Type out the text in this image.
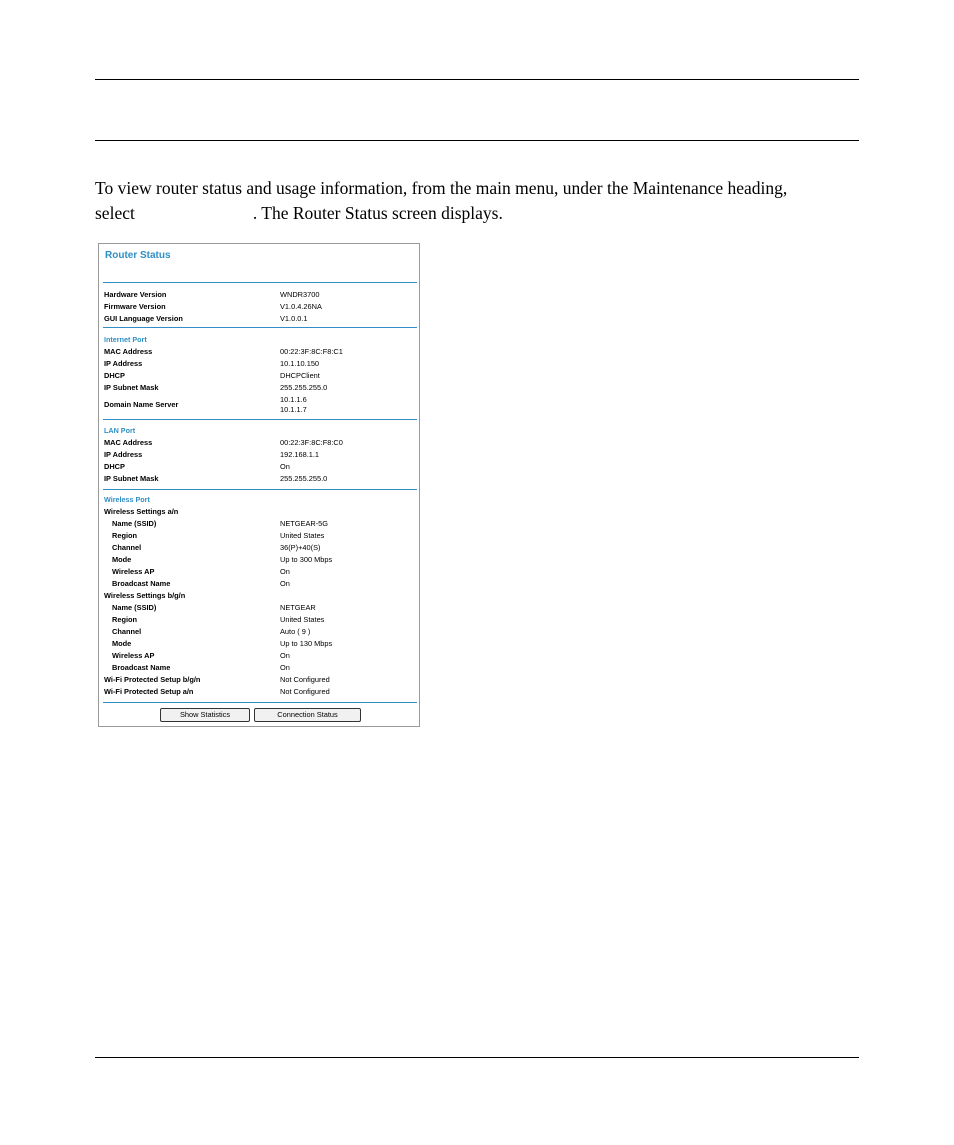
To view router status and usage information, from the main menu, under the Maintenance heading,
select	. The Router Status screen displays.
Router Status
Hardware Version	WNDR3700
Firmware Version	V1.0.4.26NA
GUI Language Version	V1.0.0.1
Internet Port
MAC Address	00:22:3F:8C:F8:C1
IP Address	10.1.10.150
DHCP	DHCPClient
IP Subnet Mask	255.255.255.0
Domain Name Server
10.1.1.6
10.1.1.7
LAN Port
MAC Address	00:22:3F:8C:F8:C0
IP Address	192.168.1.1
DHCP	On
IP Subnet Mask	255.255.255.0
Wireless Port
Wireless Settings a/n
Name (SSID)	NETGEAR-5G
Region	United States
Channel	36(P)+40(S)
Mode	Up to 300 Mbps
Wireless AP	On
Broadcast Name	On
Wireless Settings b/g/n
Name (SSID)	NETGEAR
Region	United States
Channel	Auto ( 9 )
Mode	Up to 130 Mbps
Wireless AP	On
Broadcast Name	On
Wi-Fi Protected Setup b/g/n	Not Configured
Wi-Fi Protected Setup a/n	Not Configured
Show Statistics	Connection Status
